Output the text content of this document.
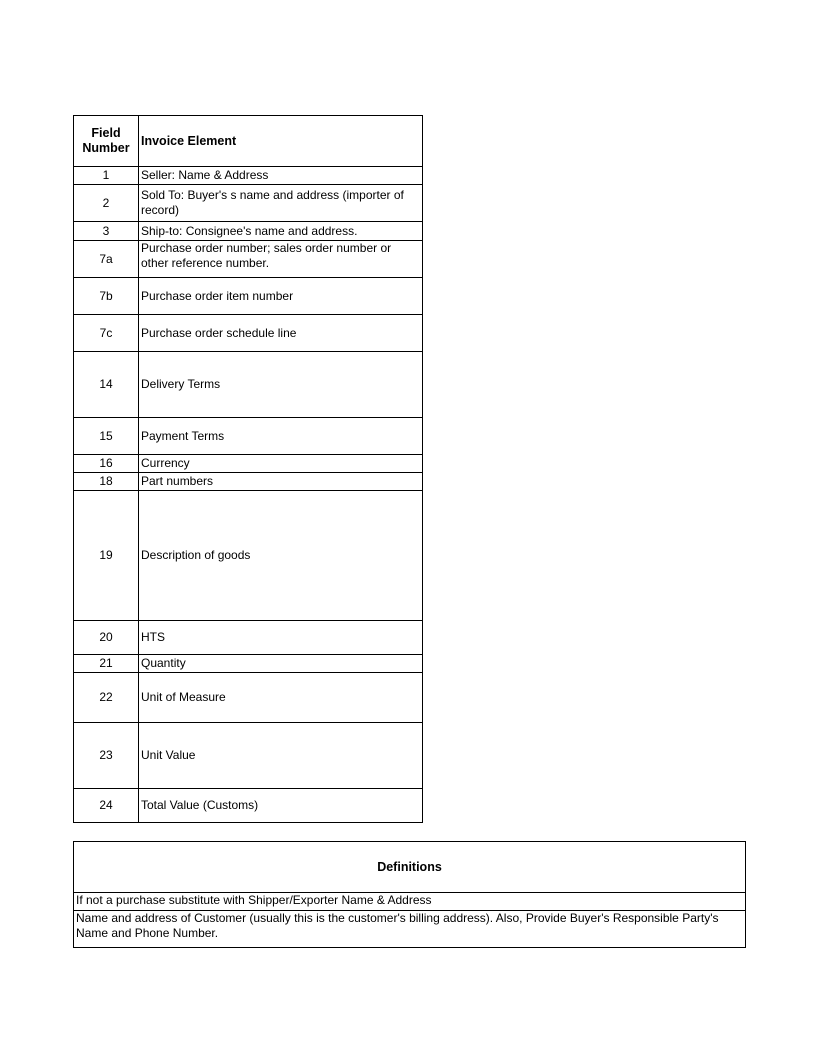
Field
Number	Invoice Element
1	Seller: Name & Address
2	Sold To: Buyer's s name and address (importer of record)
3	Ship-to: Consignee's name and address.
7a	Purchase order number; sales order number or other reference number.
7b	Purchase order item number
7c	Purchase order schedule line
14	Delivery Terms
15	Payment Terms
16	Currency
18	Part numbers
19	Description of goods
20	HTS
21	Quantity
22	Unit of Measure
23	Unit Value
24	Total Value (Customs)
Definitions
If not a purchase substitute with Shipper/Exporter Name & Address
Name and address of Customer (usually this is the customer's billing address). Also, Provide Buyer's Responsible Party's Name and Phone Number.
